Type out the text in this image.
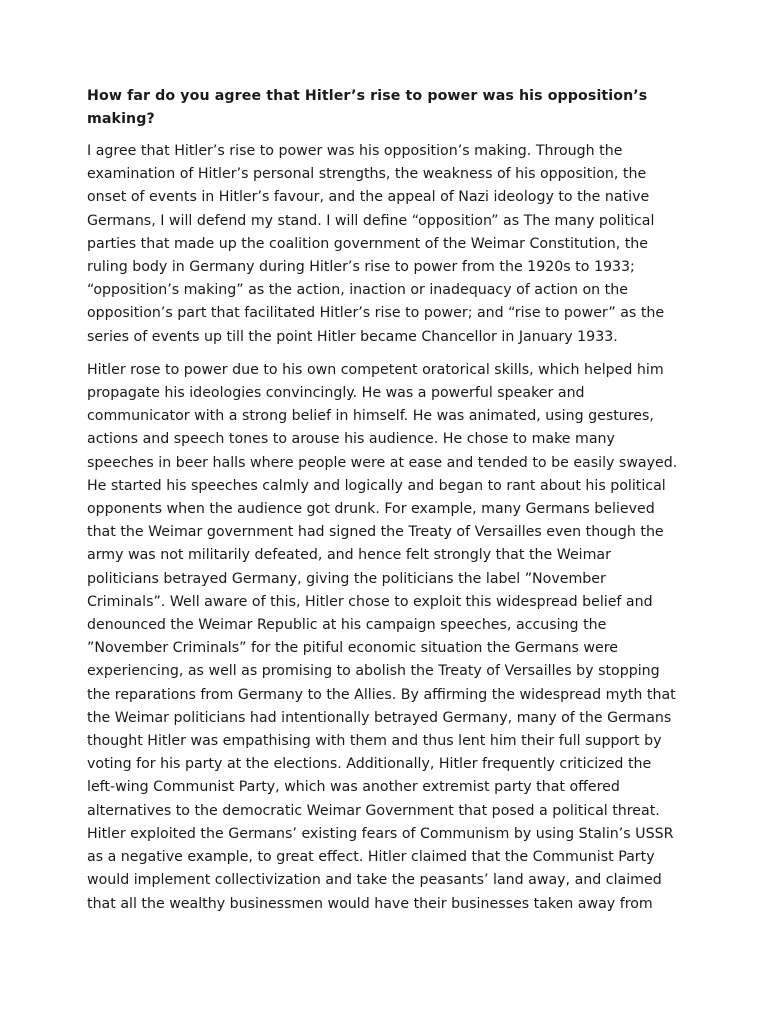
How far do you agree that Hitler’s rise to power was his opposition’s
making?
I agree that Hitler’s rise to power was his opposition’s making. Through the
examination of Hitler’s personal strengths, the weakness of his opposition, the
onset of events in Hitler’s favour, and the appeal of Nazi ideology to the native
Germans, I will defend my stand. I will define “opposition” as The many political
parties that made up the coalition government of the Weimar Constitution, the
ruling body in Germany during Hitler’s rise to power from the 1920s to 1933;
“opposition’s making” as the action, inaction or inadequacy of action on the
opposition’s part that facilitated Hitler’s rise to power; and “rise to power” as the
series of events up till the point Hitler became Chancellor in January 1933.
Hitler rose to power due to his own competent oratorical skills, which helped him
propagate his ideologies convincingly. He was a powerful speaker and
communicator with a strong belief in himself. He was animated, using gestures,
actions and speech tones to arouse his audience. He chose to make many
speeches in beer halls where people were at ease and tended to be easily swayed.
He started his speeches calmly and logically and began to rant about his political
opponents when the audience got drunk. For example, many Germans believed
that the Weimar government had signed the Treaty of Versailles even though the
army was not militarily defeated, and hence felt strongly that the Weimar
politicians betrayed Germany, giving the politicians the label ”November
Criminals”. Well aware of this, Hitler chose to exploit this widespread belief and
denounced the Weimar Republic at his campaign speeches, accusing the
”November Criminals” for the pitiful economic situation the Germans were
experiencing, as well as promising to abolish the Treaty of Versailles by stopping
the reparations from Germany to the Allies. By affirming the widespread myth that
the Weimar politicians had intentionally betrayed Germany, many of the Germans
thought Hitler was empathising with them and thus lent him their full support by
voting for his party at the elections. Additionally, Hitler frequently criticized the
left-wing Communist Party, which was another extremist party that offered
alternatives to the democratic Weimar Government that posed a political threat.
Hitler exploited the Germans’ existing fears of Communism by using Stalin’s USSR
as a negative example, to great effect. Hitler claimed that the Communist Party
would implement collectivization and take the peasants’ land away, and claimed
that all the wealthy businessmen would have their businesses taken away from
